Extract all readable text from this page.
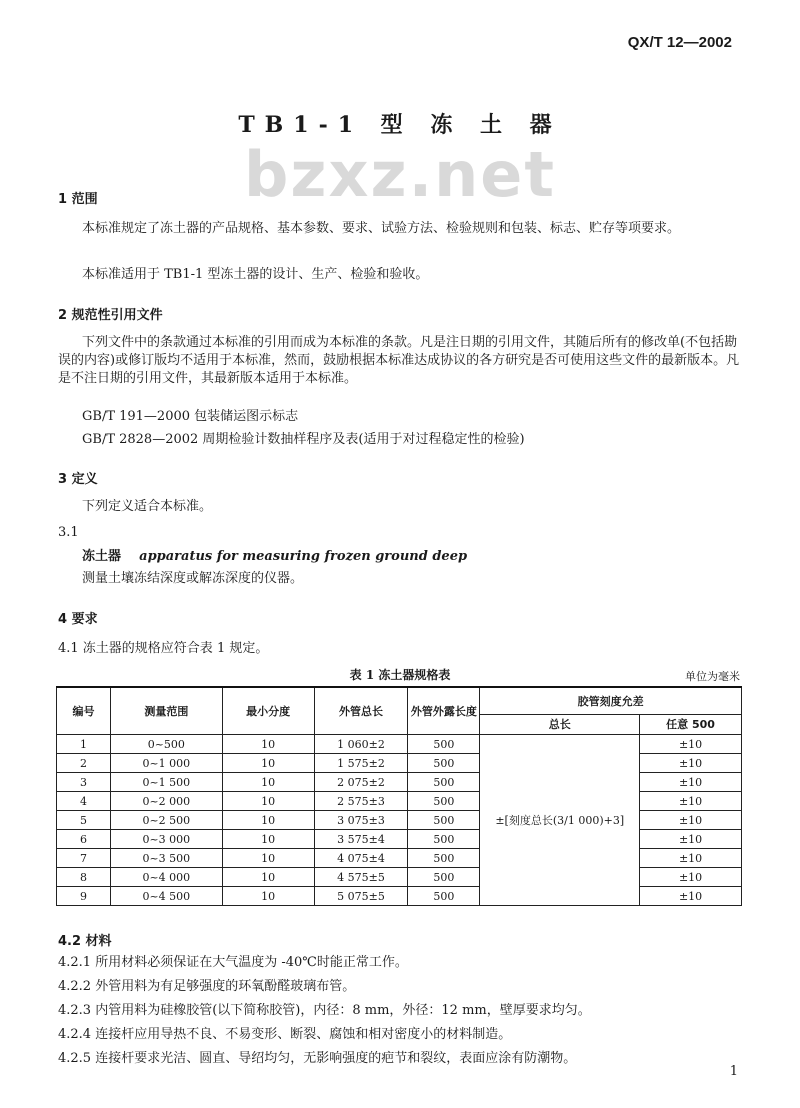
QX/T 12—2002
bzxz.net
TB1-1 型 冻 土 器
1 范围
本标准规定了冻土器的产品规格、基本参数、要求、试验方法、检验规则和包装、标志、贮存等项要求。
本标准适用于 TB1-1 型冻土器的设计、生产、检验和验收。
2 规范性引用文件
下列文件中的条款通过本标准的引用而成为本标准的条款。凡是注日期的引用文件，其随后所有的修改单(不包括勘误的内容)或修订版均不适用于本标准，然而，鼓励根据本标准达成协议的各方研究是否可使用这些文件的最新版本。凡是不注日期的引用文件，其最新版本适用于本标准。
GB/T 191—2000 包装储运图示标志
GB/T 2828—2002 周期检验计数抽样程序及表(适用于对过程稳定性的检验)
3 定义
下列定义适合本标准。
3.1
冻土器 apparatus for measuring frozen ground deep
测量土壤冻结深度或解冻深度的仪器。
4 要求
4.1 冻土器的规格应符合表 1 规定。
表 1 冻土器规格表	单位为毫米
编号	测量范围	最小分度	外管总长	外管外露长度	胶管刻度允差	
					总长	任意 500
1	0~500	10	1 060±2	500	±[刻度总长(3/1 000)+3]	±10
2	0~1 000	10	1 575±2	500		±10
3	0~1 500	10	2 075±2	500		±10
4	0~2 000	10	2 575±3	500		±10
5	0~2 500	10	3 075±3	500		±10
6	0~3 000	10	3 575±4	500		±10
7	0~3 500	10	4 075±4	500		±10
8	0~4 000	10	4 575±5	500		±10
9	0~4 500	10	5 075±5	500		±10
4.2 材料
4.2.1 所用材料必须保证在大气温度为 -40℃时能正常工作。
4.2.2 外管用料为有足够强度的环氧酚醛玻璃布管。
4.2.3 内管用料为硅橡胶管(以下简称胶管)，内径：8 mm，外径：12 mm，壁厚要求均匀。
4.2.4 连接杆应用导热不良、不易变形、断裂、腐蚀和相对密度小的材料制造。
4.2.5 连接杆要求光洁、圆直、导绍均匀，无影响强度的疤节和裂纹，表面应涂有防潮物。
1
